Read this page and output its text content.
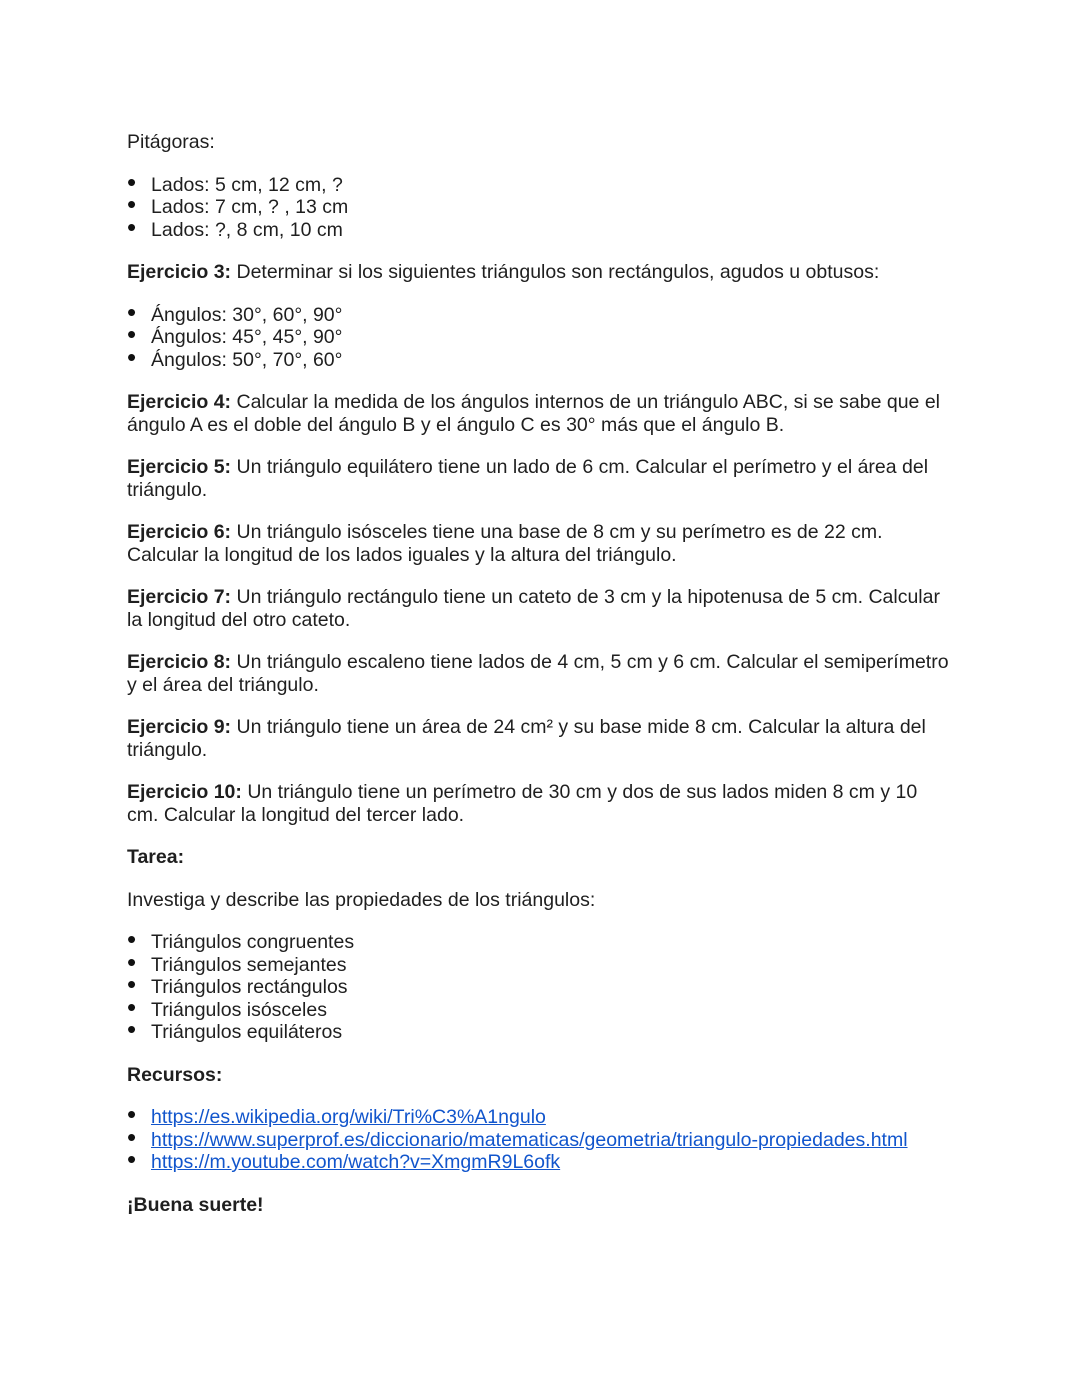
Pitágoras:

• Lados: 5 cm, 12 cm, ?
• Lados: 7 cm, ? , 13 cm
• Lados: ?, 8 cm, 10 cm

Ejercicio 3: Determinar si los siguientes triángulos son rectángulos, agudos u obtusos:

• Ángulos: 30°, 60°, 90°
• Ángulos: 45°, 45°, 90°
• Ángulos: 50°, 70°, 60°

Ejercicio 4: Calcular la medida de los ángulos internos de un triángulo ABC, si se sabe que el ángulo A es el doble del ángulo B y el ángulo C es 30° más que el ángulo B.

Ejercicio 5: Un triángulo equilátero tiene un lado de 6 cm. Calcular el perímetro y el área del triángulo.

Ejercicio 6: Un triángulo isósceles tiene una base de 8 cm y su perímetro es de 22 cm. Calcular la longitud de los lados iguales y la altura del triángulo.

Ejercicio 7: Un triángulo rectángulo tiene un cateto de 3 cm y la hipotenusa de 5 cm. Calcular la longitud del otro cateto.

Ejercicio 8: Un triángulo escaleno tiene lados de 4 cm, 5 cm y 6 cm. Calcular el semiperímetro y el área del triángulo.

Ejercicio 9: Un triángulo tiene un área de 24 cm² y su base mide 8 cm. Calcular la altura del triángulo.

Ejercicio 10: Un triángulo tiene un perímetro de 30 cm y dos de sus lados miden 8 cm y 10 cm. Calcular la longitud del tercer lado.

Tarea:

Investiga y describe las propiedades de los triángulos:

• Triángulos congruentes
• Triángulos semejantes
• Triángulos rectángulos
• Triángulos isósceles
• Triángulos equiláteros

Recursos:

• https://es.wikipedia.org/wiki/Tri%C3%A1ngulo
• https://www.superprof.es/diccionario/matematicas/geometria/triangulo-propiedades.html
• https://m.youtube.com/watch?v=XmgmR9L6ofk

¡Buena suerte!
